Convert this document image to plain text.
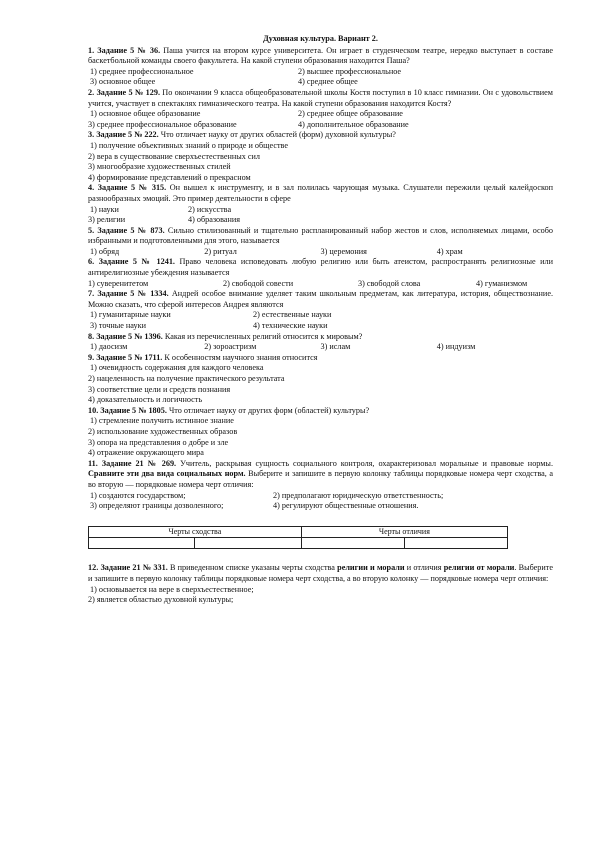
Духовная культура. Вариант 2.
1. Задание 5 № 36. Паша учится на втором курсе университета. Он играет в студенческом театре, нередко выступает в составе баскетбольной команды своего факультета. На какой ступени образования находится Паша?
1) среднее профессиональное	2) высшее профессиональное
3) основное общее	4) среднее общее
2. Задание 5 № 129. По окончании 9 класса общеобразовательной школы Костя поступил в 10 класс гимназии. Он с удовольствием учится, участвует в спектаклях гимназического театра. На какой ступени образования находится Костя?
1) основное общее образование	2) среднее общее образование
3) среднее профессиональное образование	4) дополнительное образование
3. Задание 5 № 222. Что отличает науку от других областей (форм) духовной культуры?
1) получение объективных знаний о природе и обществе
2) вера в существование сверхъестественных сил
3) многообразие художественных стилей
4) формирование представлений о прекрасном
4. Задание 5 № 315. Он вышел к инструменту, и в зал полилась чарующая музыка. Слушатели пережили целый калейдоскоп разнообразных эмоций. Это пример деятельности в сфере
1) науки	2) искусства
3) религии	4) образования
5. Задание 5 № 873. Сильно стилизованный и тщательно распланированный набор жестов и слов, исполняемых лицами, особо избранными и подготовленными для этого, называется
1) обряд	2) ритуал	3) церемония	4) храм
6. Задание 5 № 1241. Право человека исповедовать любую религию или быть атеистом, распространять религиозные или антирелигиозные убеждения называется
1) суверенитетом	2) свободой совести	3) свободой слова	4) гуманизмом
7. Задание 5 № 1334. Андрей особое внимание уделяет таким школьным предметам, как литература, история, обществознание. Можно сказать, что сферой интересов Андрея являются
1) гуманитарные науки	2) естественные науки
3) точные науки	4) технические науки
8. Задание 5 № 1396. Какая из перечисленных религий относится к мировым?
1) даосизм	2) зороастризм	3) ислам	4) индуизм
9. Задание 5 № 1711. К особенностям научного знания относится
1) очевидность содержания для каждого человека
2) нацеленность на получение практического результата
3) соответствие цели и средств познания
4) доказательность и логичность
10. Задание 5 № 1805. Что отличает науку от других форм (областей) культуры?
1) стремление получить истинное знание
2) использование художественных образов
3) опора на представления о добре и зле
4) отражение окружающего мира
11. Задание 21 № 269. Учитель, раскрывая сущность социального контроля, охарактеризовал моральные и правовые нормы. Сравните эти два вида социальных норм. Выберите и запишите в первую колонку таблицы порядковые номера черт сходства, а во вторую — порядковые номера черт отличия:
1) создаются государством;	2) предполагают юридическую ответственность;
3) определяют границы дозволенного;	4) регулируют общественные отношения.
Черты сходства		Черты отличия	

12. Задание 21 № 331. В приведенном списке указаны черты сходства религии и морали и отличия религии от морали. Выберите и запишите в первую колонку таблицы порядковые номера черт сходства, а во вторую колонку — порядковые номера черт отличия:
1) основывается на вере в сверхъестественное;
2) является областью духовной культуры;
